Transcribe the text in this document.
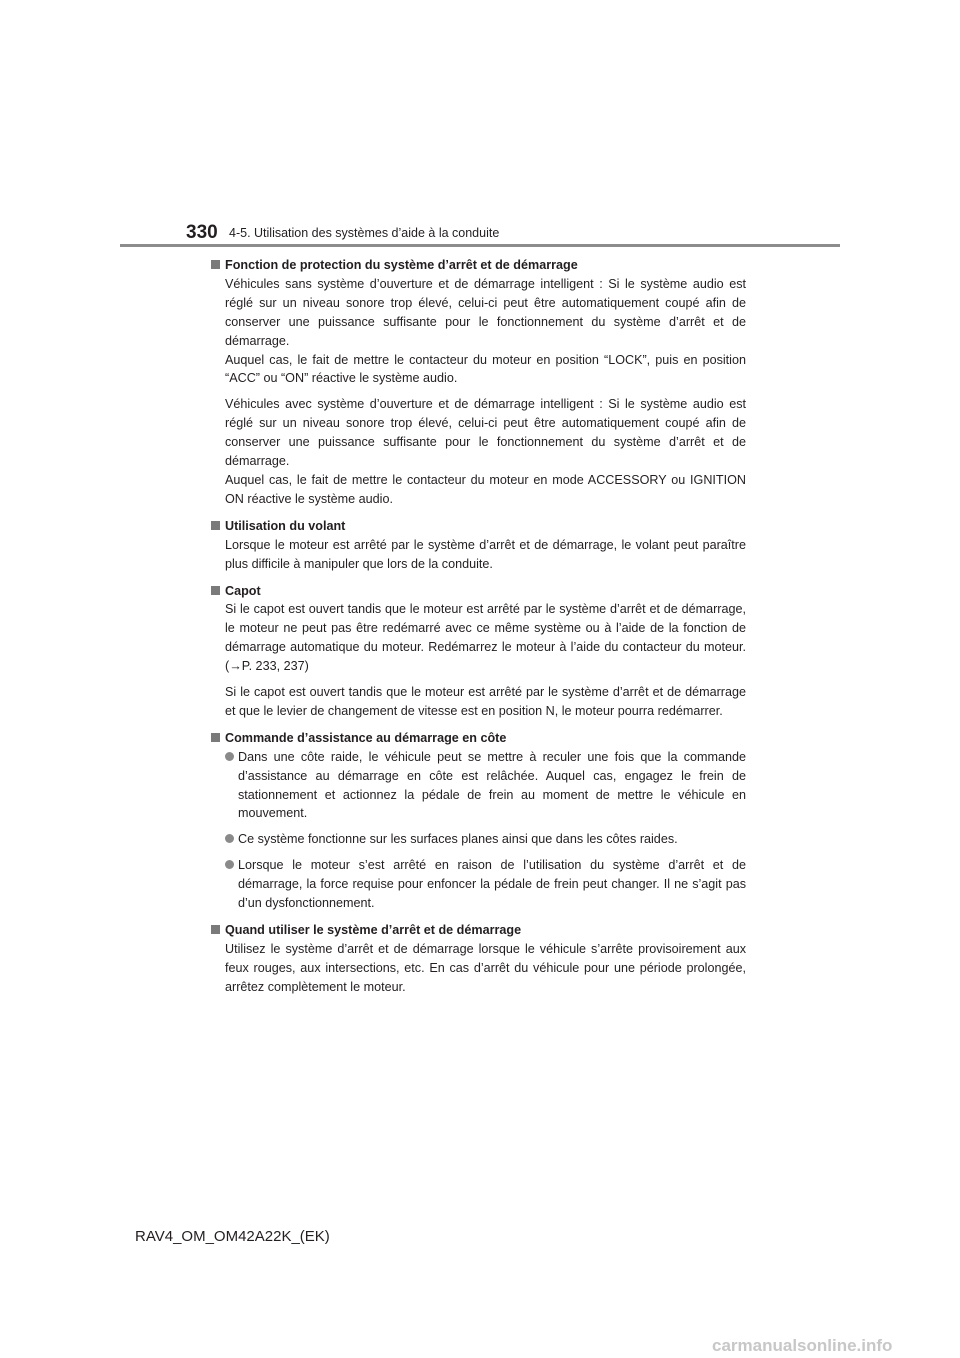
330 4-5. Utilisation des systèmes d’aide à la conduite
Fonction de protection du système d’arrêt et de démarrage
Véhicules sans système d’ouverture et de démarrage intelligent : Si le système audio est réglé sur un niveau sonore trop élevé, celui-ci peut être automatiquement coupé afin de conserver une puissance suffisante pour le fonctionnement du système d’arrêt et de démarrage.
Auquel cas, le fait de mettre le contacteur du moteur en position “LOCK”, puis en position “ACC” ou “ON” réactive le système audio.
Véhicules avec système d’ouverture et de démarrage intelligent : Si le système audio est réglé sur un niveau sonore trop élevé, celui-ci peut être automatiquement coupé afin de conserver une puissance suffisante pour le fonctionnement du système d’arrêt et de démarrage.
Auquel cas, le fait de mettre le contacteur du moteur en mode ACCESSORY ou IGNITION ON réactive le système audio.
Utilisation du volant
Lorsque le moteur est arrêté par le système d’arrêt et de démarrage, le volant peut paraître plus difficile à manipuler que lors de la conduite.
Capot
Si le capot est ouvert tandis que le moteur est arrêté par le système d’arrêt et de démarrage, le moteur ne peut pas être redémarré avec ce même système ou à l’aide de la fonction de démarrage automatique du moteur. Redémarrez le moteur à l’aide du contacteur du moteur. (→P. 233, 237)
Si le capot est ouvert tandis que le moteur est arrêté par le système d’arrêt et de démarrage et que le levier de changement de vitesse est en position N, le moteur pourra redémarrer.
Commande d’assistance au démarrage en côte
Dans une côte raide, le véhicule peut se mettre à reculer une fois que la commande d’assistance au démarrage en côte est relâchée. Auquel cas, engagez le frein de stationnement et actionnez la pédale de frein au moment de mettre le véhicule en mouvement.
Ce système fonctionne sur les surfaces planes ainsi que dans les côtes raides.
Lorsque le moteur s’est arrêté en raison de l’utilisation du système d’arrêt et de démarrage, la force requise pour enfoncer la pédale de frein peut changer. Il ne s’agit pas d’un dysfonctionnement.
Quand utiliser le système d’arrêt et de démarrage
Utilisez le système d’arrêt et de démarrage lorsque le véhicule s’arrête provisoirement aux feux rouges, aux intersections, etc. En cas d’arrêt du véhicule pour une période prolongée, arrêtez complètement le moteur.
RAV4_OM_OM42A22K_(EK)
carmanualsonline.info
